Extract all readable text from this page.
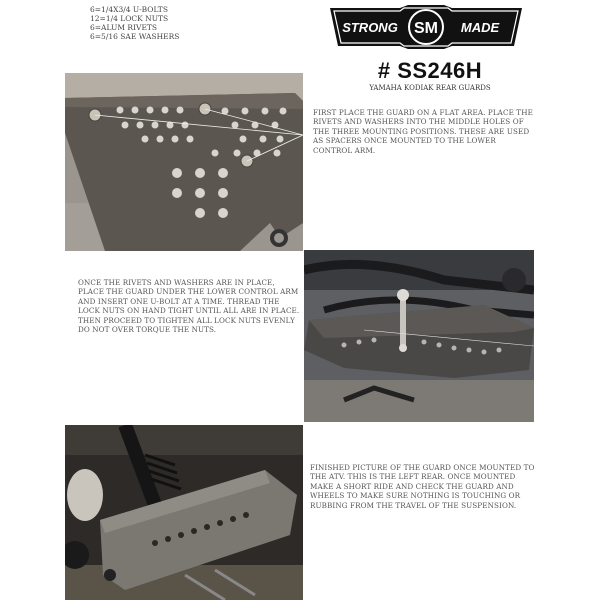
6=1/4X3/4 U-BOLTS
12=1/4 LOCK NUTS
6=ALUM RIVETS
6=5/16 SAE WASHERS
STRONG SM MADE
# SS246H
YAMAHA KODIAK REAR GUARDS
FIRST PLACE THE GUARD ON A FLAT AREA. PLACE THE RIVETS AND WASHERS INTO THE MIDDLE HOLES OF THE THREE MOUNTING POSITIONS. THESE ARE USED AS SPACERS ONCE MOUNTED TO THE LOWER CONTROL ARM.
ONCE THE RIVETS AND WASHERS ARE IN PLACE, PLACE THE GUARD UNDER THE LOWER CONTROL ARM AND INSERT ONE U-BOLT AT A TIME. THREAD THE LOCK NUTS ON HAND TIGHT UNTIL ALL ARE IN PLACE. THEN PROCEED TO TIGHTEN ALL LOCK NUTS EVENLY DO NOT OVER TORQUE THE NUTS.
FINISHED PICTURE OF THE GUARD ONCE MOUNTED TO THE ATV. THIS IS THE LEFT REAR. ONCE MOUNTED MAKE A SHORT RIDE AND CHECK THE GUARD AND WHEELS TO MAKE SURE NOTHING IS TOUCHING OR RUBBING FROM THE TRAVEL OF THE SUSPENSION.
